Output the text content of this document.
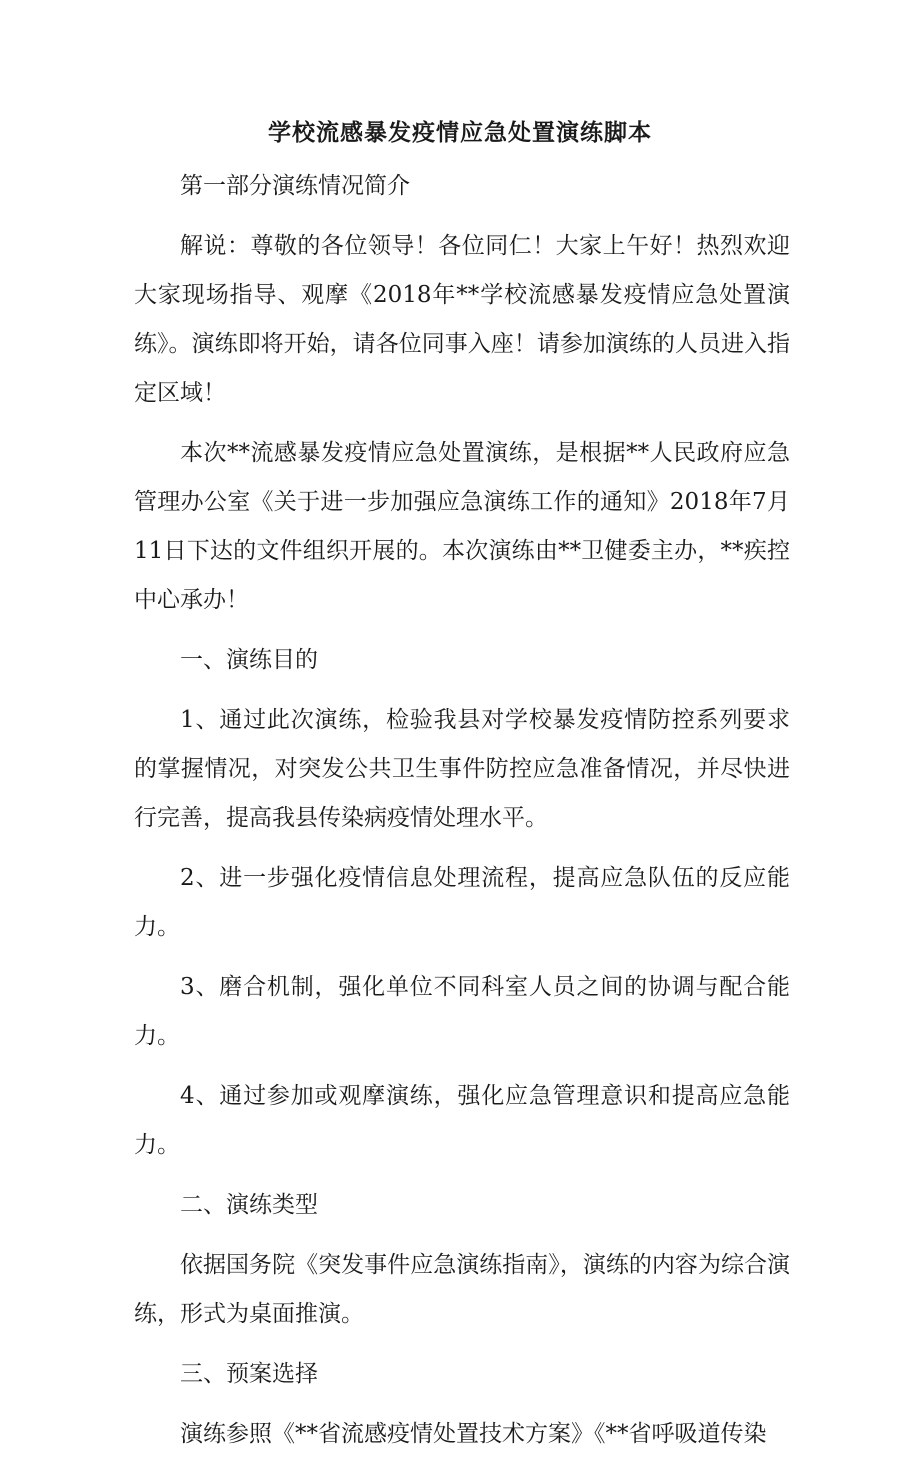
学校流感暴发疫情应急处置演练脚本

第一部分演练情况简介

解说：尊敬的各位领导！各位同仁！大家上午好！热烈欢迎大家现场指导、观摩《2018年**学校流感暴发疫情应急处置演练》。演练即将开始，请各位同事入座！请参加演练的人员进入指定区域！

本次**流感暴发疫情应急处置演练，是根据**人民政府应急管理办公室《关于进一步加强应急演练工作的通知》2018年7月11日下达的文件组织开展的。本次演练由**卫健委主办，**疾控中心承办！

一、演练目的

1、通过此次演练，检验我县对学校暴发疫情防控系列要求的掌握情况，对突发公共卫生事件防控应急准备情况，并尽快进行完善，提高我县传染病疫情处理水平。

2、进一步强化疫情信息处理流程，提高应急队伍的反应能力。

3、磨合机制，强化单位不同科室人员之间的协调与配合能力。

4、通过参加或观摩演练，强化应急管理意识和提高应急能力。

二、演练类型

依据国务院《突发事件应急演练指南》，演练的内容为综合演练，形式为桌面推演。

三、预案选择

演练参照《**省流感疫情处置技术方案》《**省呼吸道传染
